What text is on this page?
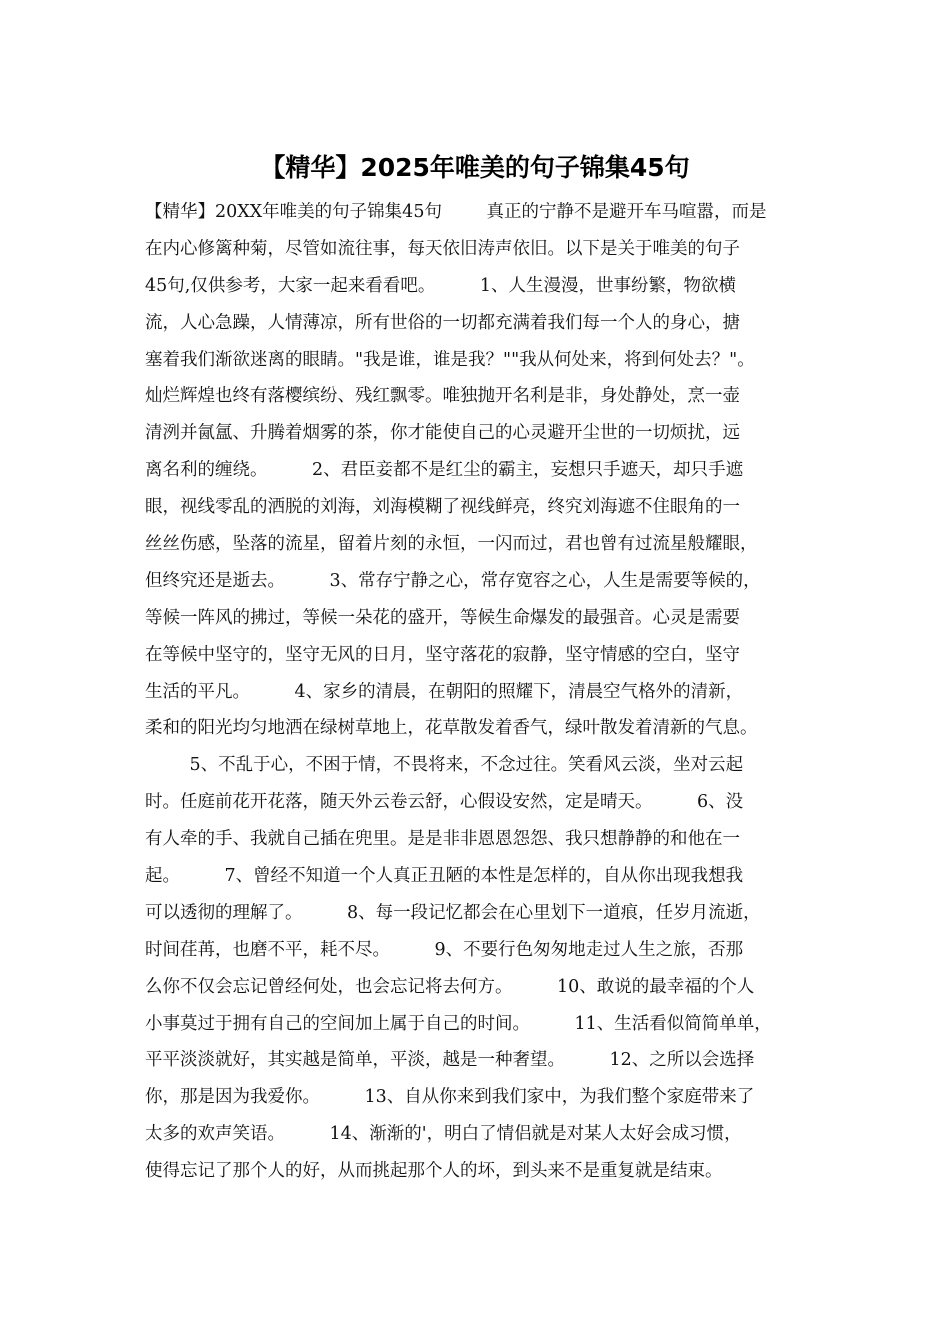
【精华】2025年唯美的句子锦集45句
【精华】20XX年唯美的句子锦集45句        真正的宁静不是避开车马喧嚣，而是
在内心修篱种菊，尽管如流往事，每天依旧涛声依旧。以下是关于唯美的句子
45句,仅供参考，大家一起来看看吧。        1、人生漫漫，世事纷繁，物欲横
流，人心急躁，人情薄凉，所有世俗的一切都充满着我们每一个人的身心，搪
塞着我们渐欲迷离的眼睛。"我是谁，谁是我？""我从何处来，将到何处去？"。
灿烂辉煌也终有落樱缤纷、残红飘零。唯独抛开名利是非，身处静处，烹一壶
清洌并氤氲、升腾着烟雾的茶，你才能使自己的心灵避开尘世的一切烦扰，远
离名利的缠绕。        2、君臣妾都不是红尘的霸主，妄想只手遮天，却只手遮
眼，视线零乱的洒脱的刘海，刘海模糊了视线鲜亮，终究刘海遮不住眼角的一
丝丝伤感，坠落的流星，留着片刻的永恒，一闪而过，君也曾有过流星般耀眼，
但终究还是逝去。        3、常存宁静之心，常存宽容之心，人生是需要等候的，
等候一阵风的拂过，等候一朵花的盛开，等候生命爆发的最强音。心灵是需要
在等候中坚守的，坚守无风的日月，坚守落花的寂静，坚守情感的空白，坚守
生活的平凡。        4、家乡的清晨，在朝阳的照耀下，清晨空气格外的清新，
柔和的阳光均匀地洒在绿树草地上，花草散发着香气，绿叶散发着清新的气息。
5、不乱于心，不困于情，不畏将来，不念过往。笑看风云淡，坐对云起
时。任庭前花开花落，随天外云卷云舒，心假设安然，定是晴天。        6、没
有人牵的手、我就自己插在兜里。是是非非恩恩怨怨、我只想静静的和他在一
起。        7、曾经不知道一个人真正丑陋的本性是怎样的，自从你出现我想我
可以透彻的理解了。        8、每一段记忆都会在心里划下一道痕，任岁月流逝，
时间荏苒，也磨不平，耗不尽。        9、不要行色匆匆地走过人生之旅，否那
么你不仅会忘记曾经何处，也会忘记将去何方。        10、敢说的最幸福的个人
小事莫过于拥有自己的空间加上属于自己的时间。        11、生活看似简简单单，
平平淡淡就好，其实越是简单，平淡，越是一种奢望。        12、之所以会选择
你，那是因为我爱你。        13、自从你来到我们家中，为我们整个家庭带来了
太多的欢声笑语。        14、渐渐的'，明白了情侣就是对某人太好会成习惯，
使得忘记了那个人的好，从而挑起那个人的坏，到头来不是重复就是结束。
